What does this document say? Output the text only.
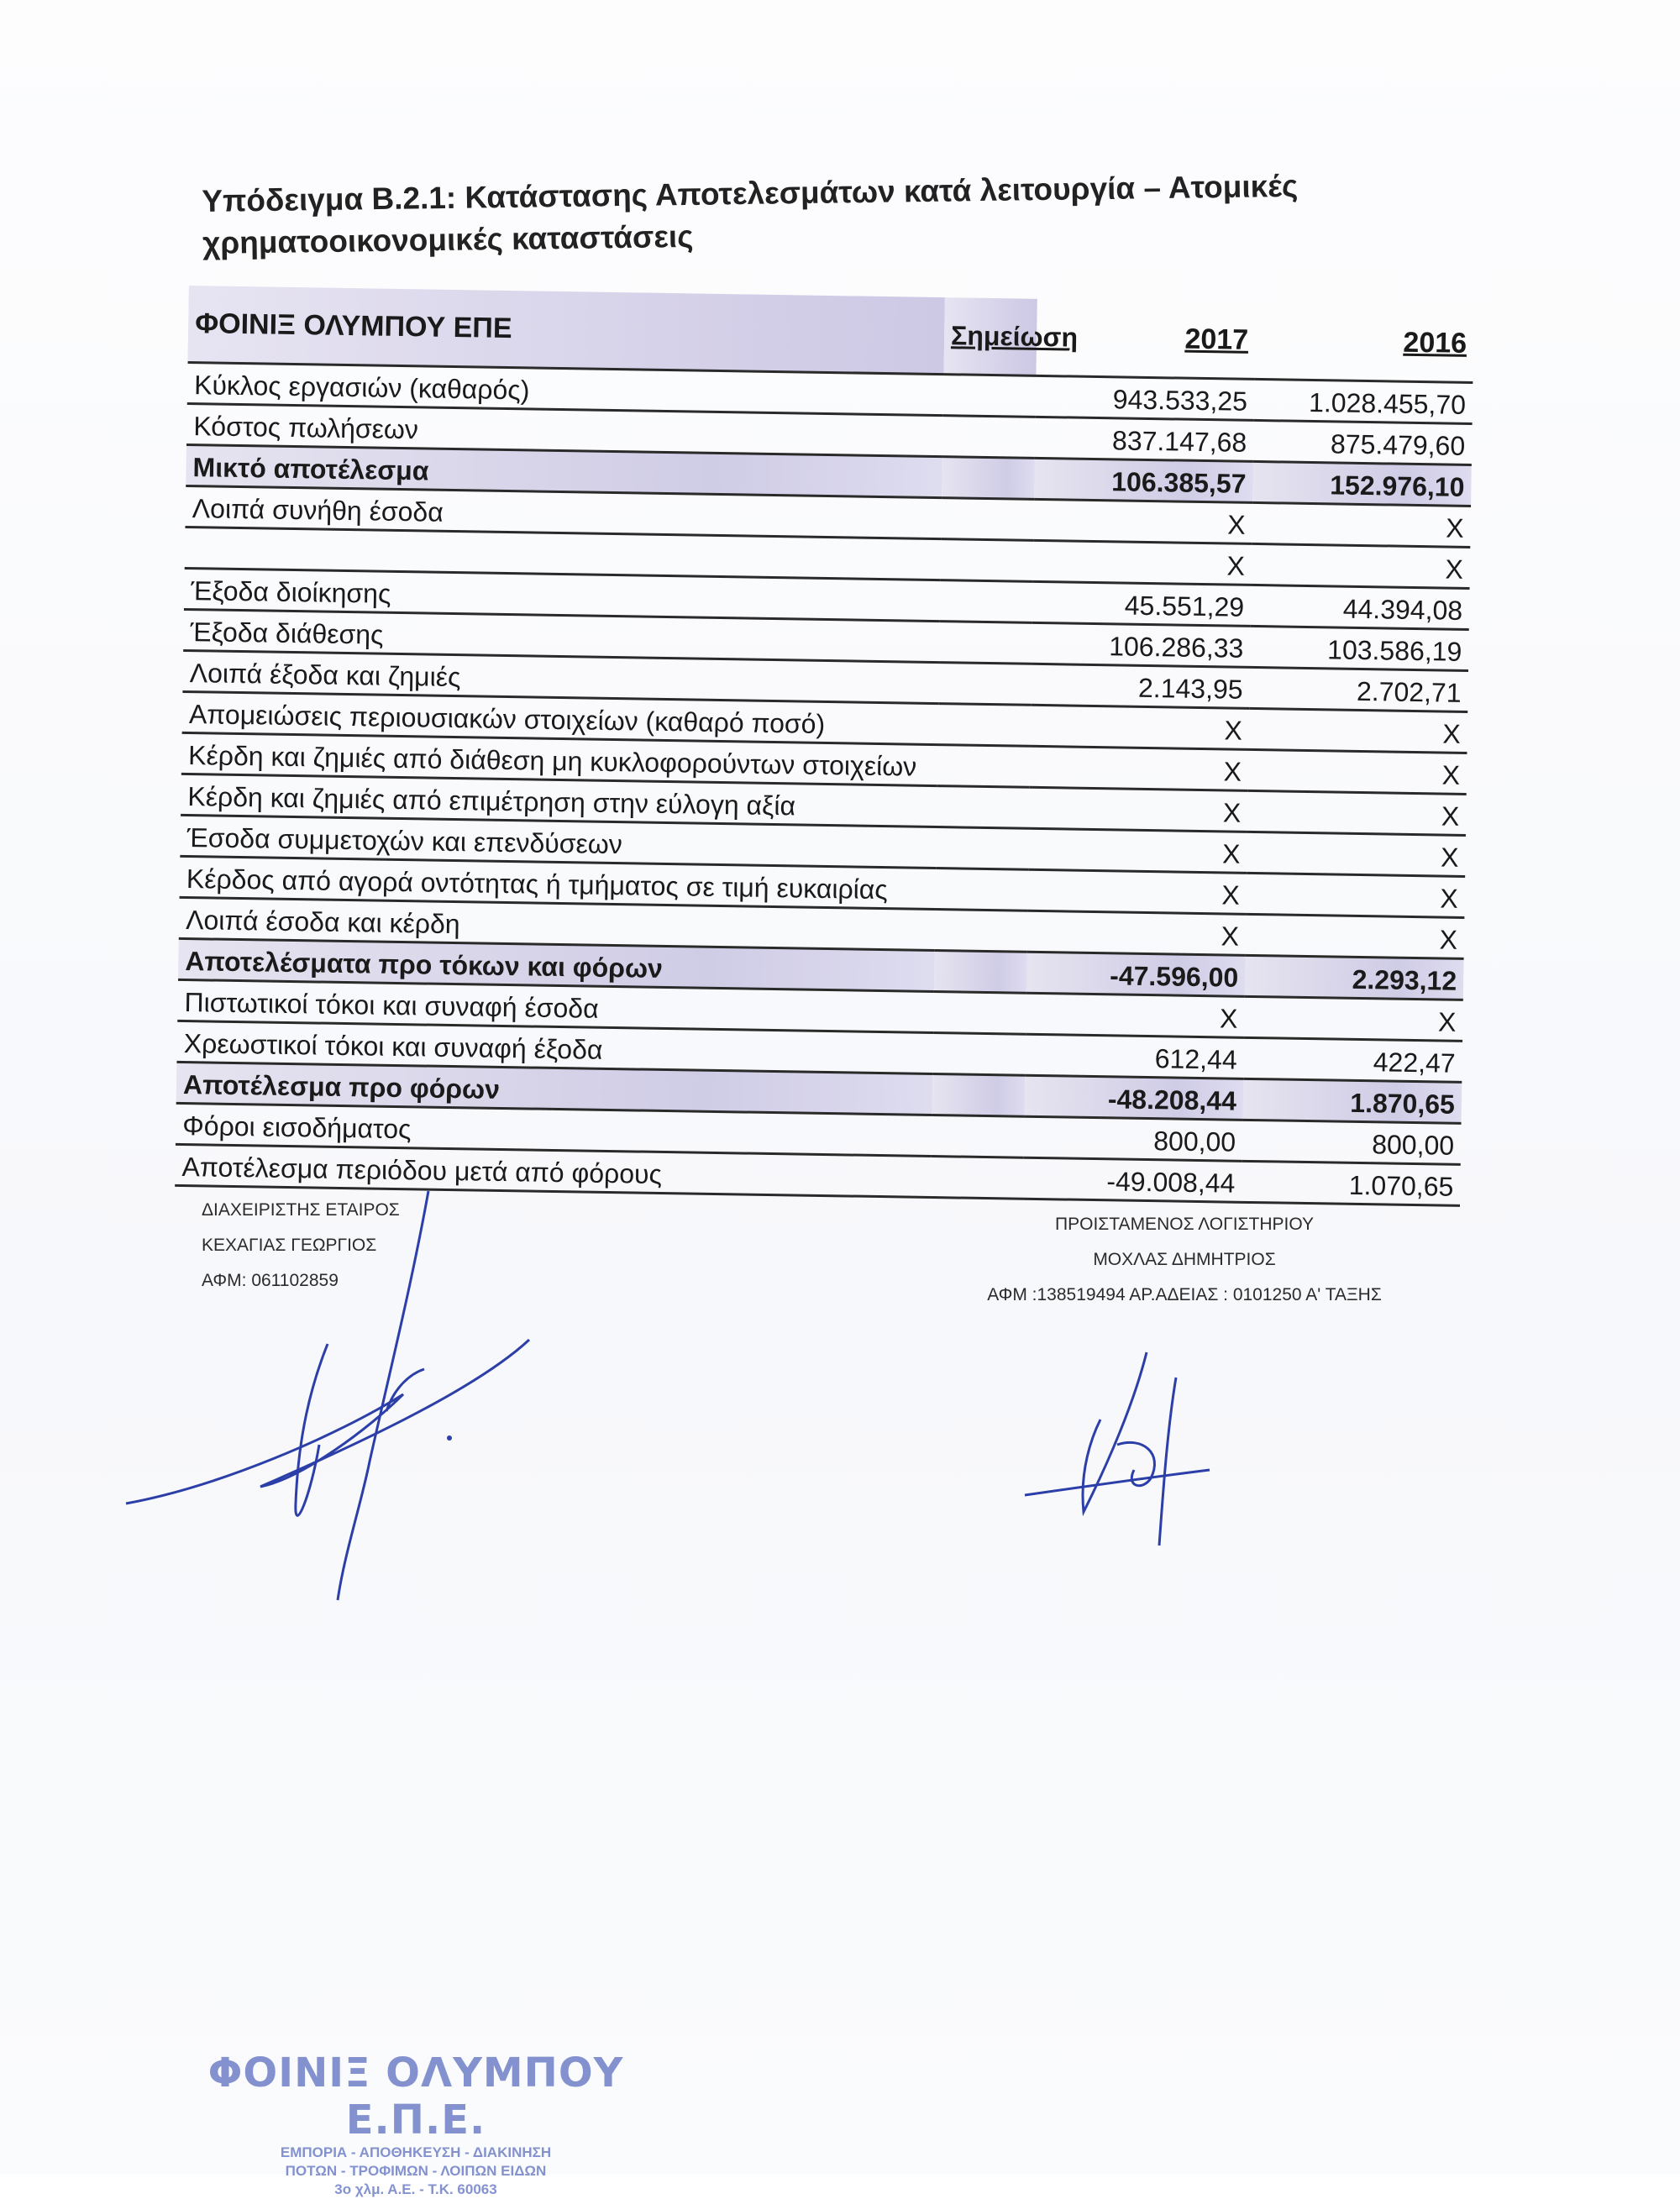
Υπόδειγμα Β.2.1: Κατάστασης Αποτελεσμάτων κατά λειτουργία – Ατομικές χρηματοοικονομικές καταστάσεις
ΦΟΙΝΙΞ ΟΛΥΜΠΟΥ ΕΠΕ	Σημείωση	2017	2016

Κύκλος εργασιών (καθαρός)		943.533,25	1.028.455,70
Κόστος πωλήσεων		837.147,68	875.479,60
Μικτό αποτέλεσμα		106.385,57	152.976,10
Λοιπά συνήθη έσοδα		X	X
		X	X
Έξοδα διοίκησης		45.551,29	44.394,08
Έξοδα διάθεσης		106.286,33	103.586,19
Λοιπά έξοδα και ζημιές		2.143,95	2.702,71
Απομειώσεις περιουσιακών στοιχείων (καθαρό ποσό)		X	X
Κέρδη και ζημιές από διάθεση μη κυκλοφορούντων στοιχείων		X	X
Κέρδη και ζημιές από επιμέτρηση στην εύλογη αξία		X	X
Έσοδα συμμετοχών και επενδύσεων		X	X
Κέρδος από αγορά οντότητας ή τμήματος σε τιμή ευκαιρίας		X	X
Λοιπά έσοδα και κέρδη		X	X
Αποτελέσματα προ τόκων και φόρων		-47.596,00	2.293,12
Πιστωτικοί τόκοι και συναφή έσοδα		X	X
Χρεωστικοί τόκοι και συναφή έξοδα		612,44	422,47
Αποτέλεσμα προ φόρων		-48.208,44	1.870,65
Φόροι εισοδήματος		800,00	800,00
Αποτέλεσμα περιόδου μετά από φόρους		-49.008,44	1.070,65
ΔΙΑΧΕΙΡΙΣΤΗΣ ΕΤΑΙΡΟΣ
ΚΕΧΑΓΙΑΣ ΓΕΩΡΓΙΟΣ
ΑΦΜ: 061102859
ΠΡΟΙΣΤΑΜΕΝΟΣ ΛΟΓΙΣΤΗΡΙΟΥ
ΜΟΧΛΑΣ ΔΗΜΗΤΡΙΟΣ
ΑΦΜ :138519494 ΑΡ.ΑΔΕΙΑΣ : 0101250 Α' ΤΑΞΗΣ
ΦΟΙΝΙΞ ΟΛΥΜΠΟΥ Ε.Π.Ε.
ΕΜΠΟΡΙΑ - ΑΠΟΘΗΚΕΥΣΗ - ΔΙΑΚΙΝΗΣΗ
ΠΟΤΩΝ - ΤΡΟΦΙΜΩΝ - ΛΟΙΠΩΝ ΕΙΔΩΝ
3ο χλμ. Α.Ε. - Τ.Κ. 60063
